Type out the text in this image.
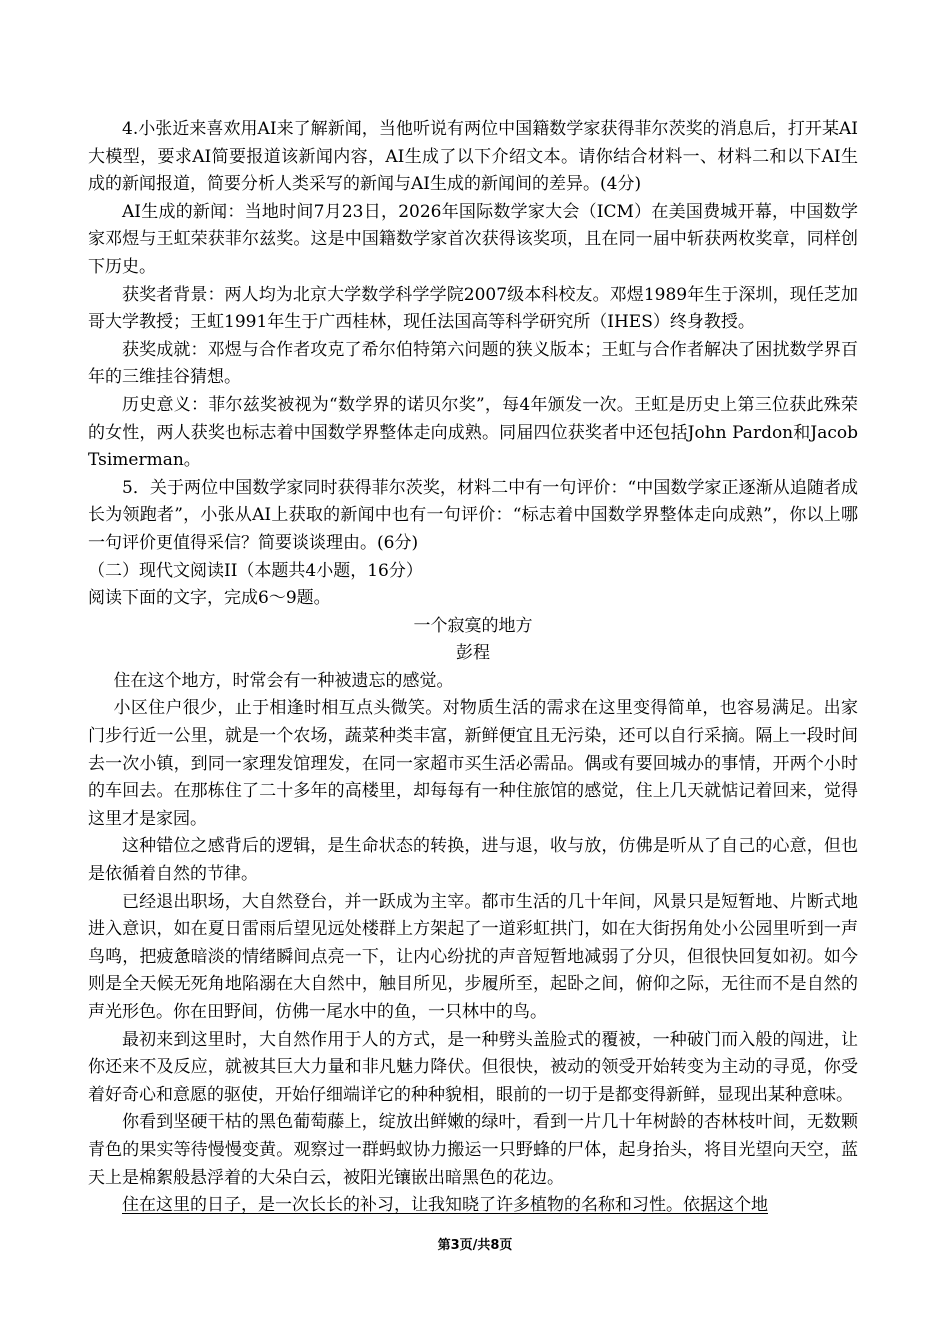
4.小张近来喜欢用AI来了解新闻，当他听说有两位中国籍数学家获得菲尔茨奖的消息后，打开某AI大模型，要求AI简要报道该新闻内容，AI生成了以下介绍文本。请你结合材料一、材料二和以下AI生成的新闻报道，简要分析人类采写的新闻与AI生成的新闻间的差异。(4分)

AI生成的新闻：当地时间7月23日，2026年国际数学家大会（ICM）在美国费城开幕，中国数学家邓煜与王虹荣获菲尔兹奖。这是中国籍数学家首次获得该奖项，且在同一届中斩获两枚奖章，同样创下历史。

获奖者背景：两人均为北京大学数学科学学院2007级本科校友。邓煜1989年生于深圳，现任芝加哥大学教授；王虹1991年生于广西桂林，现任法国高等科学研究所（IHES）终身教授。

获奖成就：邓煜与合作者攻克了希尔伯特第六问题的狭义版本；王虹与合作者解决了困扰数学界百年的三维挂谷猜想。

历史意义：菲尔兹奖被视为“数学界的诺贝尔奖”，每4年颁发一次。王虹是历史上第三位获此殊荣的女性，两人获奖也标志着中国数学界整体走向成熟。同届四位获奖者中还包括John Pardon和Jacob Tsimerman。

5．关于两位中国数学家同时获得菲尔茨奖，材料二中有一句评价：“中国数学家正逐渐从追随者成长为领跑者”，小张从AI上获取的新闻中也有一句评价：“标志着中国数学界整体走向成熟”，你以上哪一句评价更值得采信？简要谈谈理由。(6分)

（二）现代文阅读II（本题共4小题，16分）

阅读下面的文字，完成6～9题。

一个寂寞的地方

彭程

住在这个地方，时常会有一种被遗忘的感觉。

小区住户很少，止于相逢时相互点头微笑。对物质生活的需求在这里变得简单，也容易满足。出家门步行近一公里，就是一个农场，蔬菜种类丰富，新鲜便宜且无污染，还可以自行采摘。隔上一段时间去一次小镇，到同一家理发馆理发，在同一家超市买生活必需品。偶或有要回城办的事情，开两个小时的车回去。在那栋住了二十多年的高楼里，却每每有一种住旅馆的感觉，住上几天就惦记着回来，觉得这里才是家园。

这种错位之感背后的逻辑，是生命状态的转换，进与退，收与放，仿佛是听从了自己的心意，但也是依循着自然的节律。

已经退出职场，大自然登台，并一跃成为主宰。都市生活的几十年间，风景只是短暂地、片断式地进入意识，如在夏日雷雨后望见远处楼群上方架起了一道彩虹拱门，如在大街拐角处小公园里听到一声鸟鸣，把疲惫暗淡的情绪瞬间点亮一下，让内心纷扰的声音短暂地减弱了分贝，但很快回复如初。如今则是全天候无死角地陷溺在大自然中，触目所见，步履所至，起卧之间，俯仰之际，无往而不是自然的声光形色。你在田野间，仿佛一尾水中的鱼，一只林中的鸟。

最初来到这里时，大自然作用于人的方式，是一种劈头盖脸式的覆被，一种破门而入般的闯进，让你还来不及反应，就被其巨大力量和非凡魅力降伏。但很快，被动的领受开始转变为主动的寻觅，你受着好奇心和意愿的驱使，开始仔细端详它的种种貌相，眼前的一切于是都变得新鲜，显现出某种意味。

你看到坚硬干枯的黑色葡萄藤上，绽放出鲜嫩的绿叶，看到一片几十年树龄的杏林枝叶间，无数颗青色的果实等待慢慢变黄。观察过一群蚂蚁协力搬运一只野蜂的尸体，起身抬头，将目光望向天空，蓝天上是棉絮般悬浮着的大朵白云，被阳光镶嵌出暗黑色的花边。

住在这里的日子，是一次长长的补习，让我知晓了许多植物的名称和习性。依据这个地

第3页/共8页
